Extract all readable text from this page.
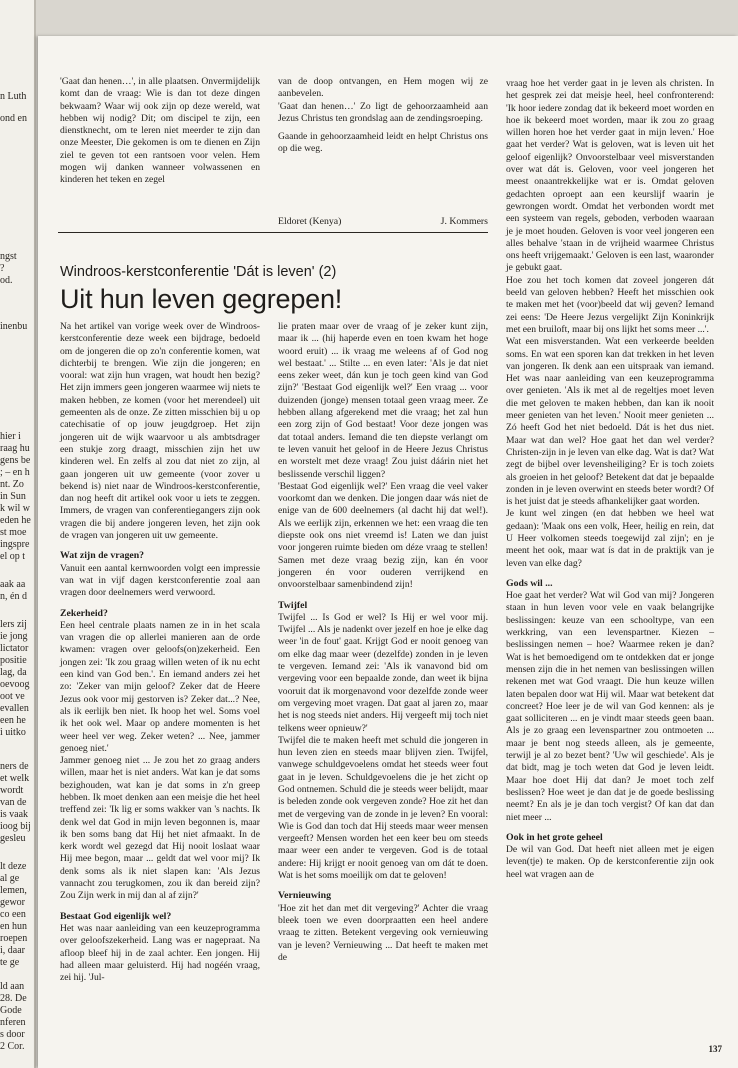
n Luth
ond en
ngst
?
od.
inenbu
hier i
raag hu
gens be
; – en h
nt. Zo
in Sun
k wil w
eden he
st moe
ingspre
el op t
aak aa
n, én d
lers zij
ie jong
lictator
positie
lag, da
oevoog
oot ve
evallen
een he
i uitko
ners de
et welk
wordt
van de
is vaak
ioog bij
gesleu
lt deze
al ge
lemen,
gewor
co een
en hun
roepen
i, daar
te ge
ld aan
28. De
Gode
nferen
s door
2 Cor.

'Gaat dan henen…', in alle plaatsen. Onvermijdelijk komt dan de vraag: Wie is dan tot deze dingen bekwaam? Waar wij ook zijn op deze wereld, wat hebben wij nodig? Dit; om discipel te zijn, een dienstknecht, om te leren niet meerder te zijn dan onze Meester, Die gekomen is om te dienen en Zijn ziel te geven tot een rantsoen voor velen. Hem mogen wij danken wanneer volwassenen en kinderen het teken en zegel

van de doop ontvangen, en Hem mogen wij ze aanbevelen.

'Gaat dan henen…' Zo ligt de gehoorzaamheid aan Jezus Christus ten grondslag aan de zendingsroeping.

Gaande in gehoorzaamheid leidt en helpt Christus ons op die weg.

Eldoret (Kenya)	J. Kommers
Windroos-kerstconferentie 'Dát is leven' (2)
Uit hun leven gegrepen!

Na het artikel van vorige week over de Windroos-kerstconferentie deze week een bijdrage, bedoeld om de jongeren die op zo'n conferentie komen, wat dichterbij te brengen. Wie zijn die jongeren; en vooral: wat zijn hun vragen, wat houdt hen bezig? Het zijn immers geen jongeren waarmee wij niets te maken hebben, ze komen (voor het merendeel) uit gemeenten als de onze. Ze zitten misschien bij u op catechisatie of op jouw jeugdgroep. Het zijn jongeren uit de wijk waarvoor u als ambtsdrager een stukje zorg draagt, misschien zijn het uw kinderen wel. En zelfs al zou dat niet zo zijn, al gaan jongeren uit uw gemeente (voor zover u bekend is) niet naar de Windroos-kerstconferentie, dan nog heeft dit artikel ook voor u iets te zeggen. Immers, de vragen van conferentiegangers zijn ook vragen die bij andere jongeren leven, het zijn ook de vragen van jongeren uit uw gemeente.

Wat zijn de vragen?

Vanuit een aantal kernwoorden volgt een impressie van wat in vijf dagen kerstconferentie zoal aan vragen door deelnemers werd verwoord.

Zekerheid?

Een heel centrale plaats namen ze in in het scala van vragen die op allerlei manieren aan de orde kwamen: vragen over geloofs(on)zekerheid. Een jongen zei: 'Ik zou graag willen weten of ik nu echt een kind van God ben.'. En iemand anders zei het zo: 'Zeker van mijn geloof? Zeker dat de Heere Jezus ook voor mij gestorven is? Zeker dat...? Nee, als ik eerlijk ben niet. Ik hoop het wel. Soms voel ik het ook wel. Maar op andere momenten is het weer heel ver weg. Zeker weten? ... Nee, jammer genoeg niet.'

Jammer genoeg niet ... Je zou het zo graag anders willen, maar het is niet anders. Wat kan je dat soms bezighouden, wat kan je dat soms in z'n greep hebben. Ik moet denken aan een meisje die het heel treffend zei: 'Ik lig er soms wakker van 's nachts. Ik denk wel dat God in mijn leven begonnen is, maar ik ben soms bang dat Hij het niet afmaakt. In de kerk wordt wel gezegd dat Hij nooit loslaat waar Hij mee begon, maar ... geldt dat wel voor mij? Ik denk soms als ik niet slapen kan: 'Als Jezus vannacht zou terugkomen, zou ik dan bereid zijn? Zou Zijn werk in mij dan al af zijn?'

Bestaat God eigenlijk wel?

Het was naar aanleiding van een keuzeprogramma over geloofszekerheid. Lang was er nagepraat. Na afloop bleef hij in de zaal achter. Een jongen. Hij had alleen maar geluisterd. Hij had nogéén vraag, zei hij. 'Jul-

lie praten maar over de vraag of je zeker kunt zijn, maar ik ... (hij haperde even en toen kwam het hoge woord eruit) ... ik vraag me weleens af of God nog wel bestaat.' ... Stilte ... en even later: 'Als je dat niet eens zeker weet, dán kun je toch geen kind van God zijn?' 'Bestaat God eigenlijk wel?' Een vraag ... voor duizenden (jonge) mensen totaal geen vraag meer. Ze hebben allang afgerekend met die vraag; het zal hun een zorg zijn of God bestaat! Voor deze jongen was dat totaal anders. Iemand die ten diepste verlangt om te leven vanuit het geloof in de Heere Jezus Christus en worstelt met deze vraag! Zou juist dáárin niet het beslissende verschil liggen?

'Bestaat God eigenlijk wel?' Een vraag die veel vaker voorkomt dan we denken. Die jongen daar wás niet de enige van de 600 deelnemers (al dacht hij dat wel!). Als we eerlijk zijn, erkennen we het: een vraag die ten diepste ook ons niet vreemd is! Laten we dan juist voor jongeren ruimte bieden om déze vraag te stellen! Samen met deze vraag bezig zijn, kan én voor jongeren én voor ouderen verrijkend en onvoorstelbaar samenbindend zijn!

Twijfel

Twijfel ... Is God er wel? Is Hij er wel voor mij. Twijfel ... Als je nadenkt over jezelf en hoe je elke dag weer 'in de fout' gaat. Krijgt God er nooit genoeg van om elke dag maar weer (dezelfde) zonden in je leven te vergeven. Iemand zei: 'Als ik vanavond bid om vergeving voor een bepaalde zonde, dan weet ik bijna vooruit dat ik morgenavond voor dezelfde zonde weer om vergeving moet vragen. Dat gaat al jaren zo, maar het is nog steeds niet anders. Hij vergeeft mij toch niet telkens weer opnieuw?'

Twijfel die te maken heeft met schuld die jongeren in hun leven zien en steeds maar blijven zien. Twijfel, vanwege schuldgevoelens omdat het steeds weer fout gaat in je leven. Schuldgevoelens die je het zicht op God ontnemen. Schuld die je steeds weer belijdt, maar is beleden zonde ook vergeven zonde? Hoe zit het dan met de vergeving van de zonde in je leven? En vooral: Wie is God dan toch dat Hij steeds maar weer mensen vergeeft? Mensen worden het een keer beu om steeds maar weer een ander te vergeven. God is de totaal andere: Hij krijgt er nooit genoeg van om dát te doen. Wat is het soms moeilijk om dat te geloven!

Vernieuwing

'Hoe zit het dan met dit vergeving?' Achter die vraag bleek toen we even doorpraatten een heel andere vraag te zitten. Betekent vergeving ook vernieuwing van je leven? Vernieuwing ... Dat heeft te maken met de

vraag hoe het verder gaat in je leven als christen. In het gesprek zei dat meisje heel, heel confronterend: 'Ik hoor iedere zondag dat ik bekeerd moet worden en hoe ik bekeerd moet worden, maar ik zou zo graag willen horen hoe het verder gaat in mijn leven.' Hoe gaat het verder? Wat is geloven, wat is leven uit het geloof eigenlijk? Onvoorstelbaar veel misverstanden over wat dát is. Geloven, voor veel jongeren het meest onaantrekkelijke wat er is. Omdat geloven gedachten oproept aan een keurslijf waarin je gewrongen wordt. Omdat het verbonden wordt met een systeem van regels, geboden, verboden waaraan je je moet houden. Geloven is voor veel jongeren een alles behalve 'staan in de vrijheid waarmee Christus ons heeft vrijgemaakt.' Geloven is een last, waaronder je gebukt gaat.

Hoe zou het toch komen dat zoveel jongeren dát beeld van geloven hebben? Heeft het misschien ook te maken met het (voor)beeld dat wij geven? Iemand zei eens: 'De Heere Jezus vergelijkt Zijn Koninkrijk met een bruiloft, maar bij ons lijkt het soms meer ...'.

Wat een misverstanden. Wat een verkeerde beelden soms. En wat een sporen kan dat trekken in het leven van jongeren. Ik denk aan een uitspraak van iemand. Het was naar aanleiding van een keuzeprogramma over genieten. 'Als ik met al de regeltjes moet leven die met geloven te maken hebben, dan kan ik nooit meer genieten van het leven.' Nooit meer genieten ... Zó heeft God het niet bedoeld. Dát is het dus niet. Maar wat dan wel? Hoe gaat het dan wel verder? Christen-zijn in je leven van elke dag. Wat is dat? Wat zegt de bijbel over levensheiliging? Er is toch zoiets als groeien in het geloof? Betekent dat dat je bepaalde zonden in je leven overwint en steeds beter wordt? Of is het juist dat je steeds afhankelijker gaat worden.

Je kunt wel zingen (en dat hebben we heel wat gedaan): 'Maak ons een volk, Heer, heilig en rein, dat U Heer volkomen steeds toegewijd zal zijn'; en je meent het ook, maar wat ís dat in de praktijk van je leven van elke dag?

Gods wil ...

Hoe gaat het verder? Wat wil God van mij? Jongeren staan in hun leven voor vele en vaak belangrijke beslissingen: keuze van een schooltype, van een werkkring, van een levenspartner. Kiezen – beslissingen nemen – hoe? Waarmee reken je dan? Wat is het bemoedigend om te ontdekken dat er jonge mensen zijn die in het nemen van beslissingen willen rekenen met wat God vraagt. Die hun keuze willen laten bepalen door wat Hij wil. Maar wat betekent dat concreet? Hoe leer je de wil van God kennen: als je gaat solliciteren ... en je vindt maar steeds geen baan. Als je zo graag een levenspartner zou ontmoeten ... maar je bent nog steeds alleen, als je gemeente, terwijl je al zo bezet bent? 'Uw wil geschiede'. Als je dat bidt, mag je toch weten dat God je leven leidt. Maar hoe doet Hij dat dan? Je moet toch zelf beslissen? Hoe weet je dan dat je de goede beslissing neemt? En als je je dan toch vergist? Of kan dat dan niet meer ...

Ook in het grote geheel

De wil van God. Dat heeft niet alleen met je eigen leven(tje) te maken. Op de kerstconferentie zijn ook heel wat vragen aan de

137
